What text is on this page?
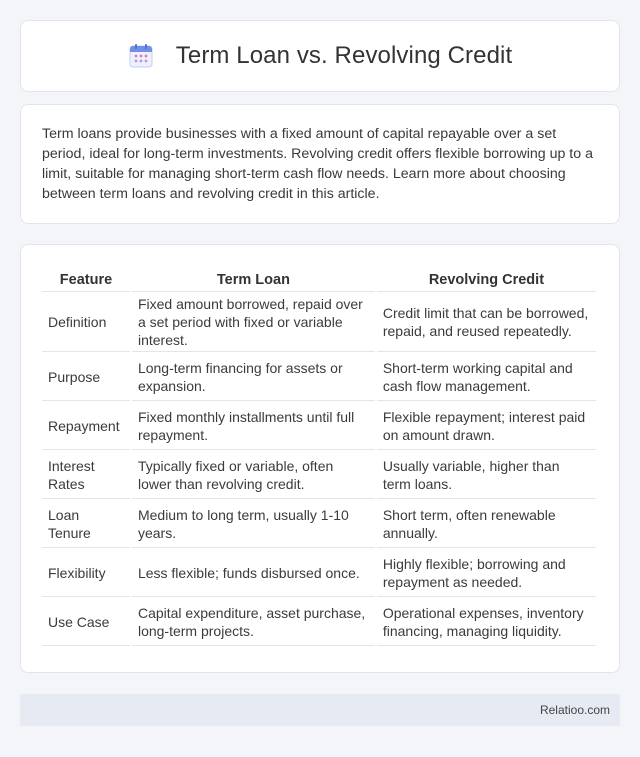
Term Loan vs. Revolving Credit

Term loans provide businesses with a fixed amount of capital repayable over a set period, ideal for long-term investments. Revolving credit offers flexible borrowing up to a limit, suitable for managing short-term cash flow needs. Learn more about choosing between term loans and revolving credit in this article.

Feature	Term Loan	Revolving Credit
Definition	Fixed amount borrowed, repaid over a set period with fixed or variable interest.	Credit limit that can be borrowed, repaid, and reused repeatedly.
Purpose	Long-term financing for assets or expansion.	Short-term working capital and cash flow management.
Repayment	Fixed monthly installments until full repayment.	Flexible repayment; interest paid on amount drawn.
Interest Rates	Typically fixed or variable, often lower than revolving credit.	Usually variable, higher than term loans.
Loan Tenure	Medium to long term, usually 1-10 years.	Short term, often renewable annually.
Flexibility	Less flexible; funds disbursed once.	Highly flexible; borrowing and repayment as needed.
Use Case	Capital expenditure, asset purchase, long-term projects.	Operational expenses, inventory financing, managing liquidity.
Relatioo.com
